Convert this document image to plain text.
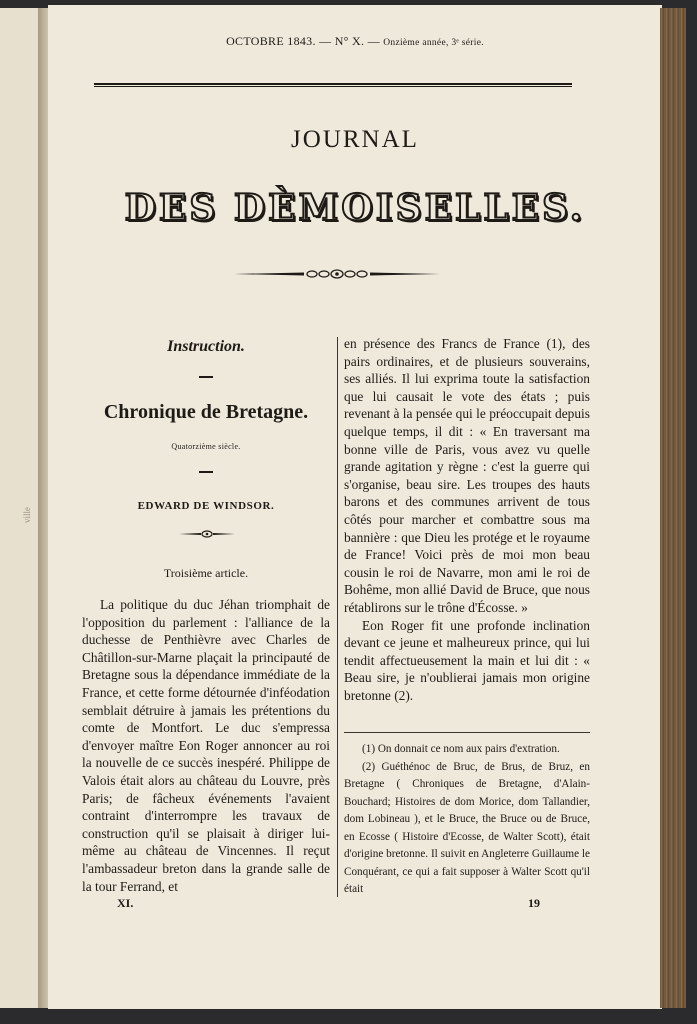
ville
OCTOBRE 1843. — N° X. — Onzième année, 3ᵉ série.
JOURNAL
DES DÈMOISELLES.
Instruction.
Chronique de Bretagne.
Quatorzième siècle.
EDWARD DE WINDSOR.
Troisième article.

La politique du duc Jéhan triomphait de l'opposition du parlement : l'alliance de la duchesse de Penthièvre avec Charles de Châtillon-sur-Marne plaçait la principauté de Bretagne sous la dépendance immédiate de la France, et cette forme détournée d'inféodation semblait détruire à jamais les prétentions du comte de Montfort. Le duc s'empressa d'envoyer maître Eon Roger annoncer au roi la nouvelle de ce succès inespéré. Philippe de Valois était alors au château du Louvre, près Paris; de fâcheux événements l'avaient contraint d'interrompre les travaux de construction qu'il se plaisait à diriger lui-même au château de Vincennes. Il reçut l'ambassadeur breton dans la grande salle de la tour Ferrand, et

en présence des Francs de France (1), des pairs ordinaires, et de plusieurs souverains, ses alliés. Il lui exprima toute la satisfaction que lui causait le vote des états ; puis revenant à la pensée qui le préoccupait depuis quelque temps, il dit : « En traversant ma bonne ville de Paris, vous avez vu quelle grande agitation y règne : c'est la guerre qui s'organise, beau sire. Les troupes des hauts barons et des communes arrivent de tous côtés pour marcher et combattre sous ma bannière : que Dieu les protége et le royaume de France! Voici près de moi mon beau cousin le roi de Navarre, mon ami le roi de Bohême, mon allié David de Bruce, que nous rétablirons sur le trône d'Écosse. »

Eon Roger fit une profonde inclination devant ce jeune et malheureux prince, qui lui tendit affectueusement la main et lui dit : « Beau sire, je n'oublierai jamais mon origine bretonne (2).

(1) On donnait ce nom aux pairs d'extration.

(2) Guéthénoc de Bruc, de Brus, de Bruz, en Bretagne ( Chroniques de Bretagne, d'Alain-Bouchard; Histoires de dom Morice, dom Tallandier, dom Lobineau ), et le Bruce, the Bruce ou de Bruce, en Ecosse ( Histoire d'Ecosse, de Walter Scott), était d'origine bretonne. Il suivit en Angleterre Guillaume le Conquérant, ce qui a fait supposer à Walter Scott qu'il était

XI.	19
